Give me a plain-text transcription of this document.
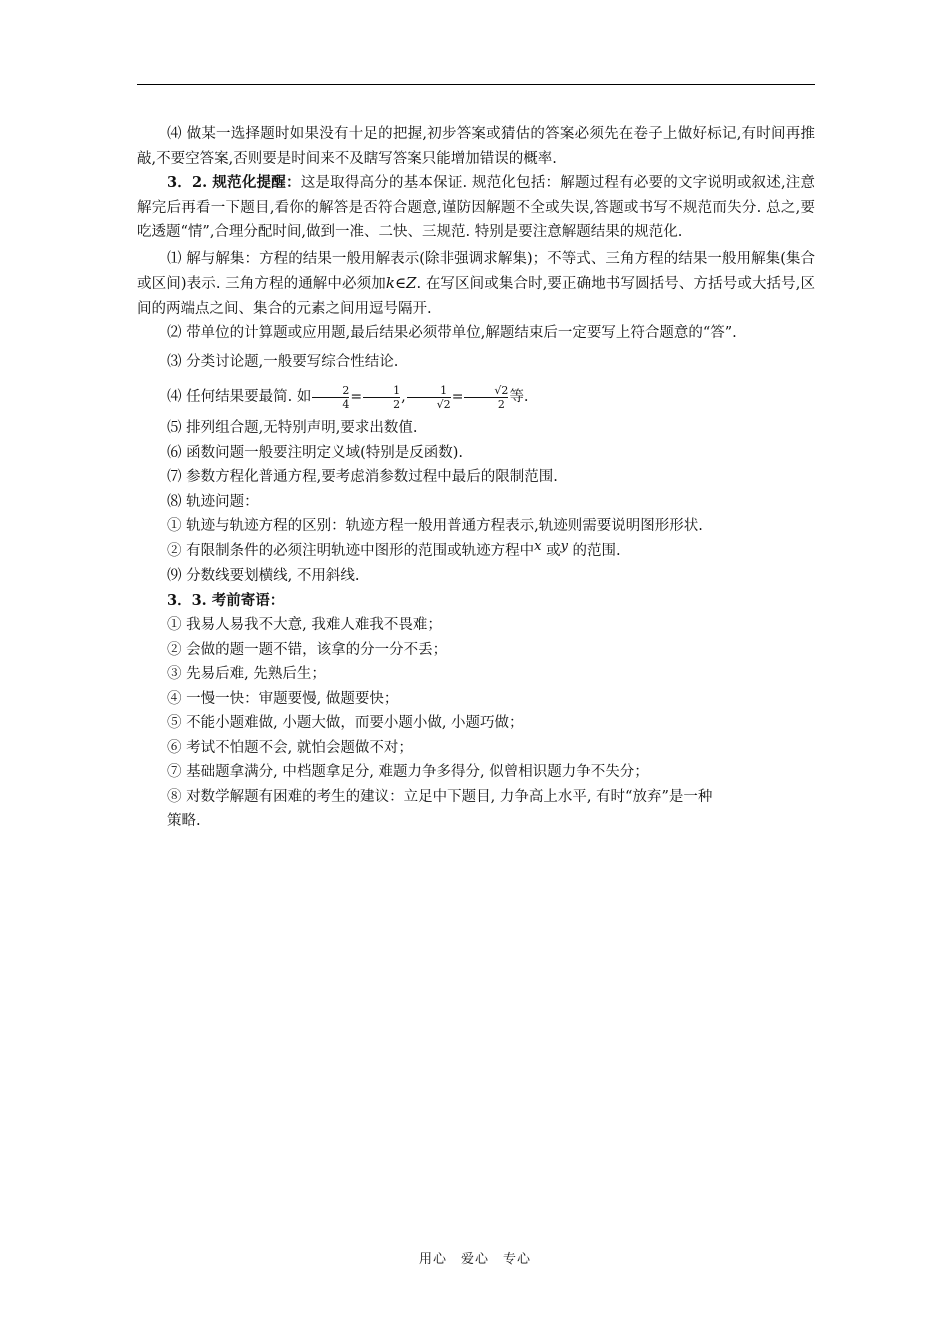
⑷ 做某一选择题时如果没有十足的把握,初步答案或猜估的答案必须先在卷子上做好标记,有时间再推敲,不要空答案,否则要是时间来不及瞎写答案只能增加错误的概率.

3．2. 规范化提醒：这是取得高分的基本保证. 规范化包括：解题过程有必要的文字说明或叙述,注意解完后再看一下题目,看你的解答是否符合题意,谨防因解题不全或失误,答题或书写不规范而失分. 总之,要吃透题“情”,合理分配时间,做到一准、二快、三规范. 特别是要注意解题结果的规范化.

⑴ 解与解集：方程的结果一般用解表示(除非强调求解集)；不等式、三角方程的结果一般用解集(集合或区间)表示. 三角方程的通解中必须加k∈Z. 在写区间或集合时,要正确地书写圆括号、方括号或大括号,区间的两端点之间、集合的元素之间用逗号隔开.

⑵ 带单位的计算题或应用题,最后结果必须带单位,解题结束后一定要写上符合题意的“答”.

⑶ 分类讨论题,一般要写综合性结论.

⑷ 任何结果要最简. 如 $\frac{2}{4} = \frac{1}{2}$ , $\frac{1}{√2} = \frac{√2}{2}$ 等.

⑸ 排列组合题,无特别声明,要求出数值.

⑹ 函数问题一般要注明定义域(特别是反函数).

⑺ 参数方程化普通方程,要考虑消参数过程中最后的限制范围.

⑻ 轨迹问题：

① 轨迹与轨迹方程的区别：轨迹方程一般用普通方程表示,轨迹则需要说明图形形状.

② 有限制条件的必须注明轨迹中图形的范围或轨迹方程中x 或y 的范围.

⑼ 分数线要划横线, 不用斜线.

3．3. 考前寄语：

① 我易人易我不大意, 我难人难我不畏难；

② 会做的题一题不错，该拿的分一分不丢；

③ 先易后难, 先熟后生；

④ 一慢一快：审题要慢, 做题要快；

⑤ 不能小题难做, 小题大做，而要小题小做, 小题巧做；

⑥ 考试不怕题不会, 就怕会题做不对；

⑦ 基础题拿满分, 中档题拿足分, 难题力争多得分, 似曾相识题力争不失分；

⑧ 对数学解题有困难的考生的建议：立足中下题目, 力争高上水平, 有时“放弃”是一种

策略.

用心　爱心　专心
